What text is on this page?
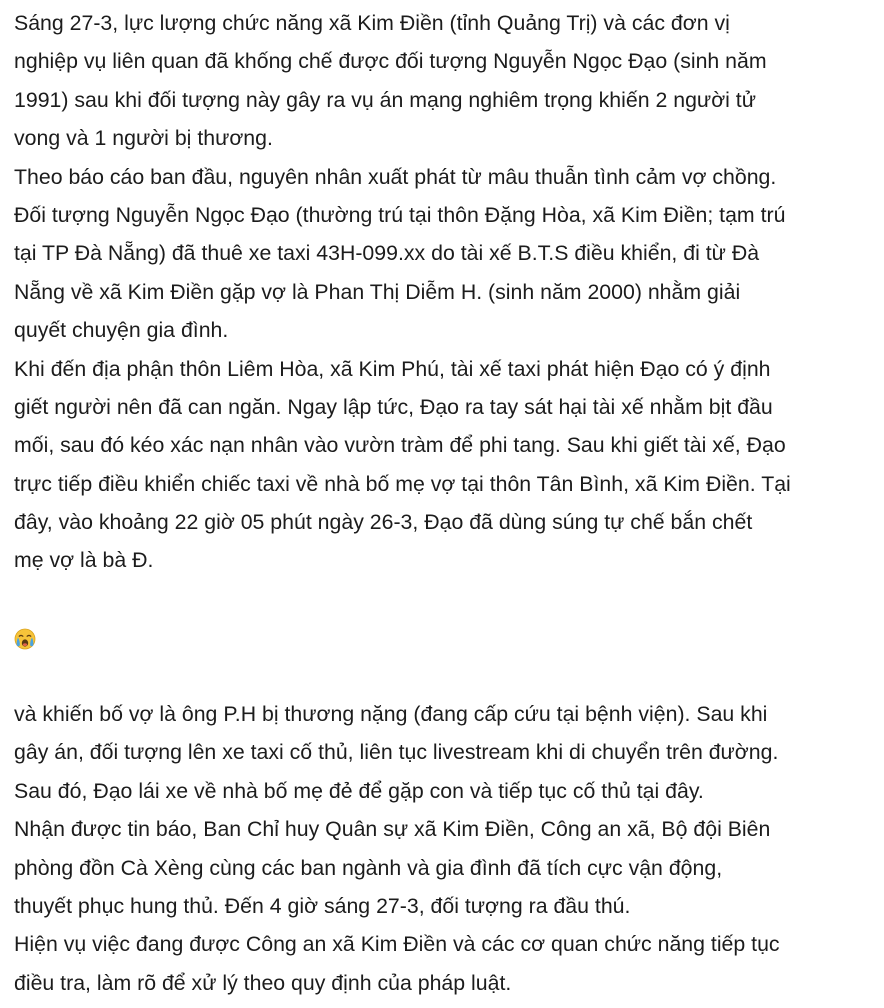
Sáng 27-3, lực lượng chức năng xã Kim Điền (tỉnh Quảng Trị) và các đơn vị
nghiệp vụ liên quan đã khống chế được đối tượng Nguyễn Ngọc Đạo (sinh năm
1991) sau khi đối tượng này gây ra vụ án mạng nghiêm trọng khiến 2 người tử
vong và 1 người bị thương.

Theo báo cáo ban đầu, nguyên nhân xuất phát từ mâu thuẫn tình cảm vợ chồng.
Đối tượng Nguyễn Ngọc Đạo (thường trú tại thôn Đặng Hòa, xã Kim Điền; tạm trú
tại TP Đà Nẵng) đã thuê xe taxi 43H-099.xx do tài xế B.T.S điều khiển, đi từ Đà
Nẵng về xã Kim Điền gặp vợ là Phan Thị Diễm H. (sinh năm 2000) nhằm giải
quyết chuyện gia đình.

Khi đến địa phận thôn Liêm Hòa, xã Kim Phú, tài xế taxi phát hiện Đạo có ý định
giết người nên đã can ngăn. Ngay lập tức, Đạo ra tay sát hại tài xế nhằm bịt đầu
mối, sau đó kéo xác nạn nhân vào vườn tràm để phi tang. Sau khi giết tài xế, Đạo
trực tiếp điều khiển chiếc taxi về nhà bố mẹ vợ tại thôn Tân Bình, xã Kim Điền. Tại
đây, vào khoảng 22 giờ 05 phút ngày 26-3, Đạo đã dùng súng tự chế bắn chết
mẹ vợ là bà Đ.

và khiến bố vợ là ông P.H bị thương nặng (đang cấp cứu tại bệnh viện). Sau khi
gây án, đối tượng lên xe taxi cố thủ, liên tục livestream khi di chuyển trên đường.
Sau đó, Đạo lái xe về nhà bố mẹ đẻ để gặp con và tiếp tục cố thủ tại đây.

Nhận được tin báo, Ban Chỉ huy Quân sự xã Kim Điền, Công an xã, Bộ đội Biên
phòng đồn Cà Xèng cùng các ban ngành và gia đình đã tích cực vận động,
thuyết phục hung thủ. Đến 4 giờ sáng 27-3, đối tượng ra đầu thú.

Hiện vụ việc đang được Công an xã Kim Điền và các cơ quan chức năng tiếp tục
điều tra, làm rõ để xử lý theo quy định của pháp luật.
